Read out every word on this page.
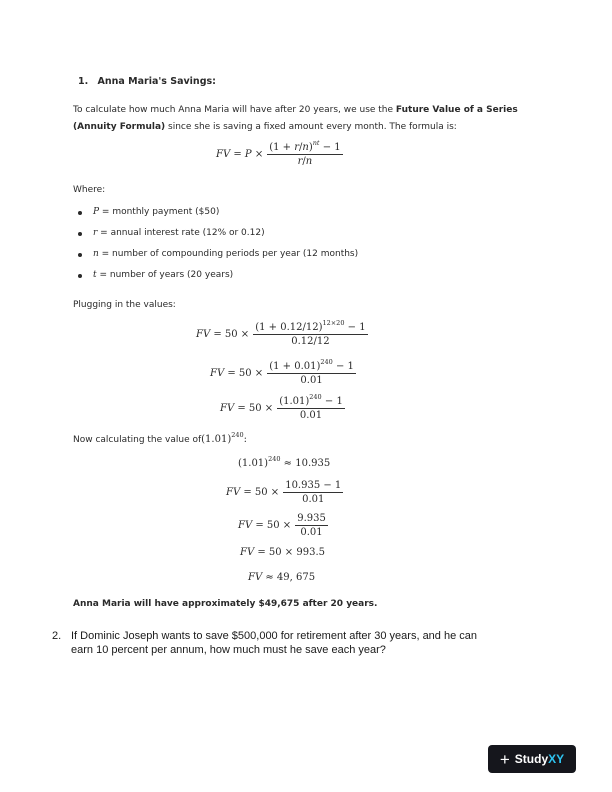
1. Anna Maria's Savings:
To calculate how much Anna Maria will have after 20 years, we use the Future Value of a Series
(Annuity Formula) since she is saving a fixed amount every month. The formula is:
FV = $P \times \frac{(1 + r/n)^{nt} - 1}{r/n}$
Where:
P = monthly payment ($50)
r = annual interest rate (12% or 0.12)
n = number of compounding periods per year (12 months)
t = number of years (20 years)
Plugging in the values:
FV = $50 \times \frac{(1 + 0.12/12)^{12\times 20} - 1}{0.12/12}$
FV = $50 \times \frac{(1 + 0.01)^{240} - 1}{0.01}$
FV = $50 \times \frac{(1.01)^{240} - 1}{0.01}$
Now calculating the value of $(1.01)^{240}$:
$(1.01)^{240} \approx 10.935$
FV = $50 \times \frac{10.935 - 1}{0.01}$
FV = $50 \times \frac{9.935}{0.01}$
FV = 50 × 993.5
FV ≈ 49, 675
Anna Maria will have approximately $49,675 after 20 years.
2. If Dominic Joseph wants to save $500,000 for retirement after 30 years, and he can
earn 10 percent per annum, how much must he save each year?
+ Study XY
